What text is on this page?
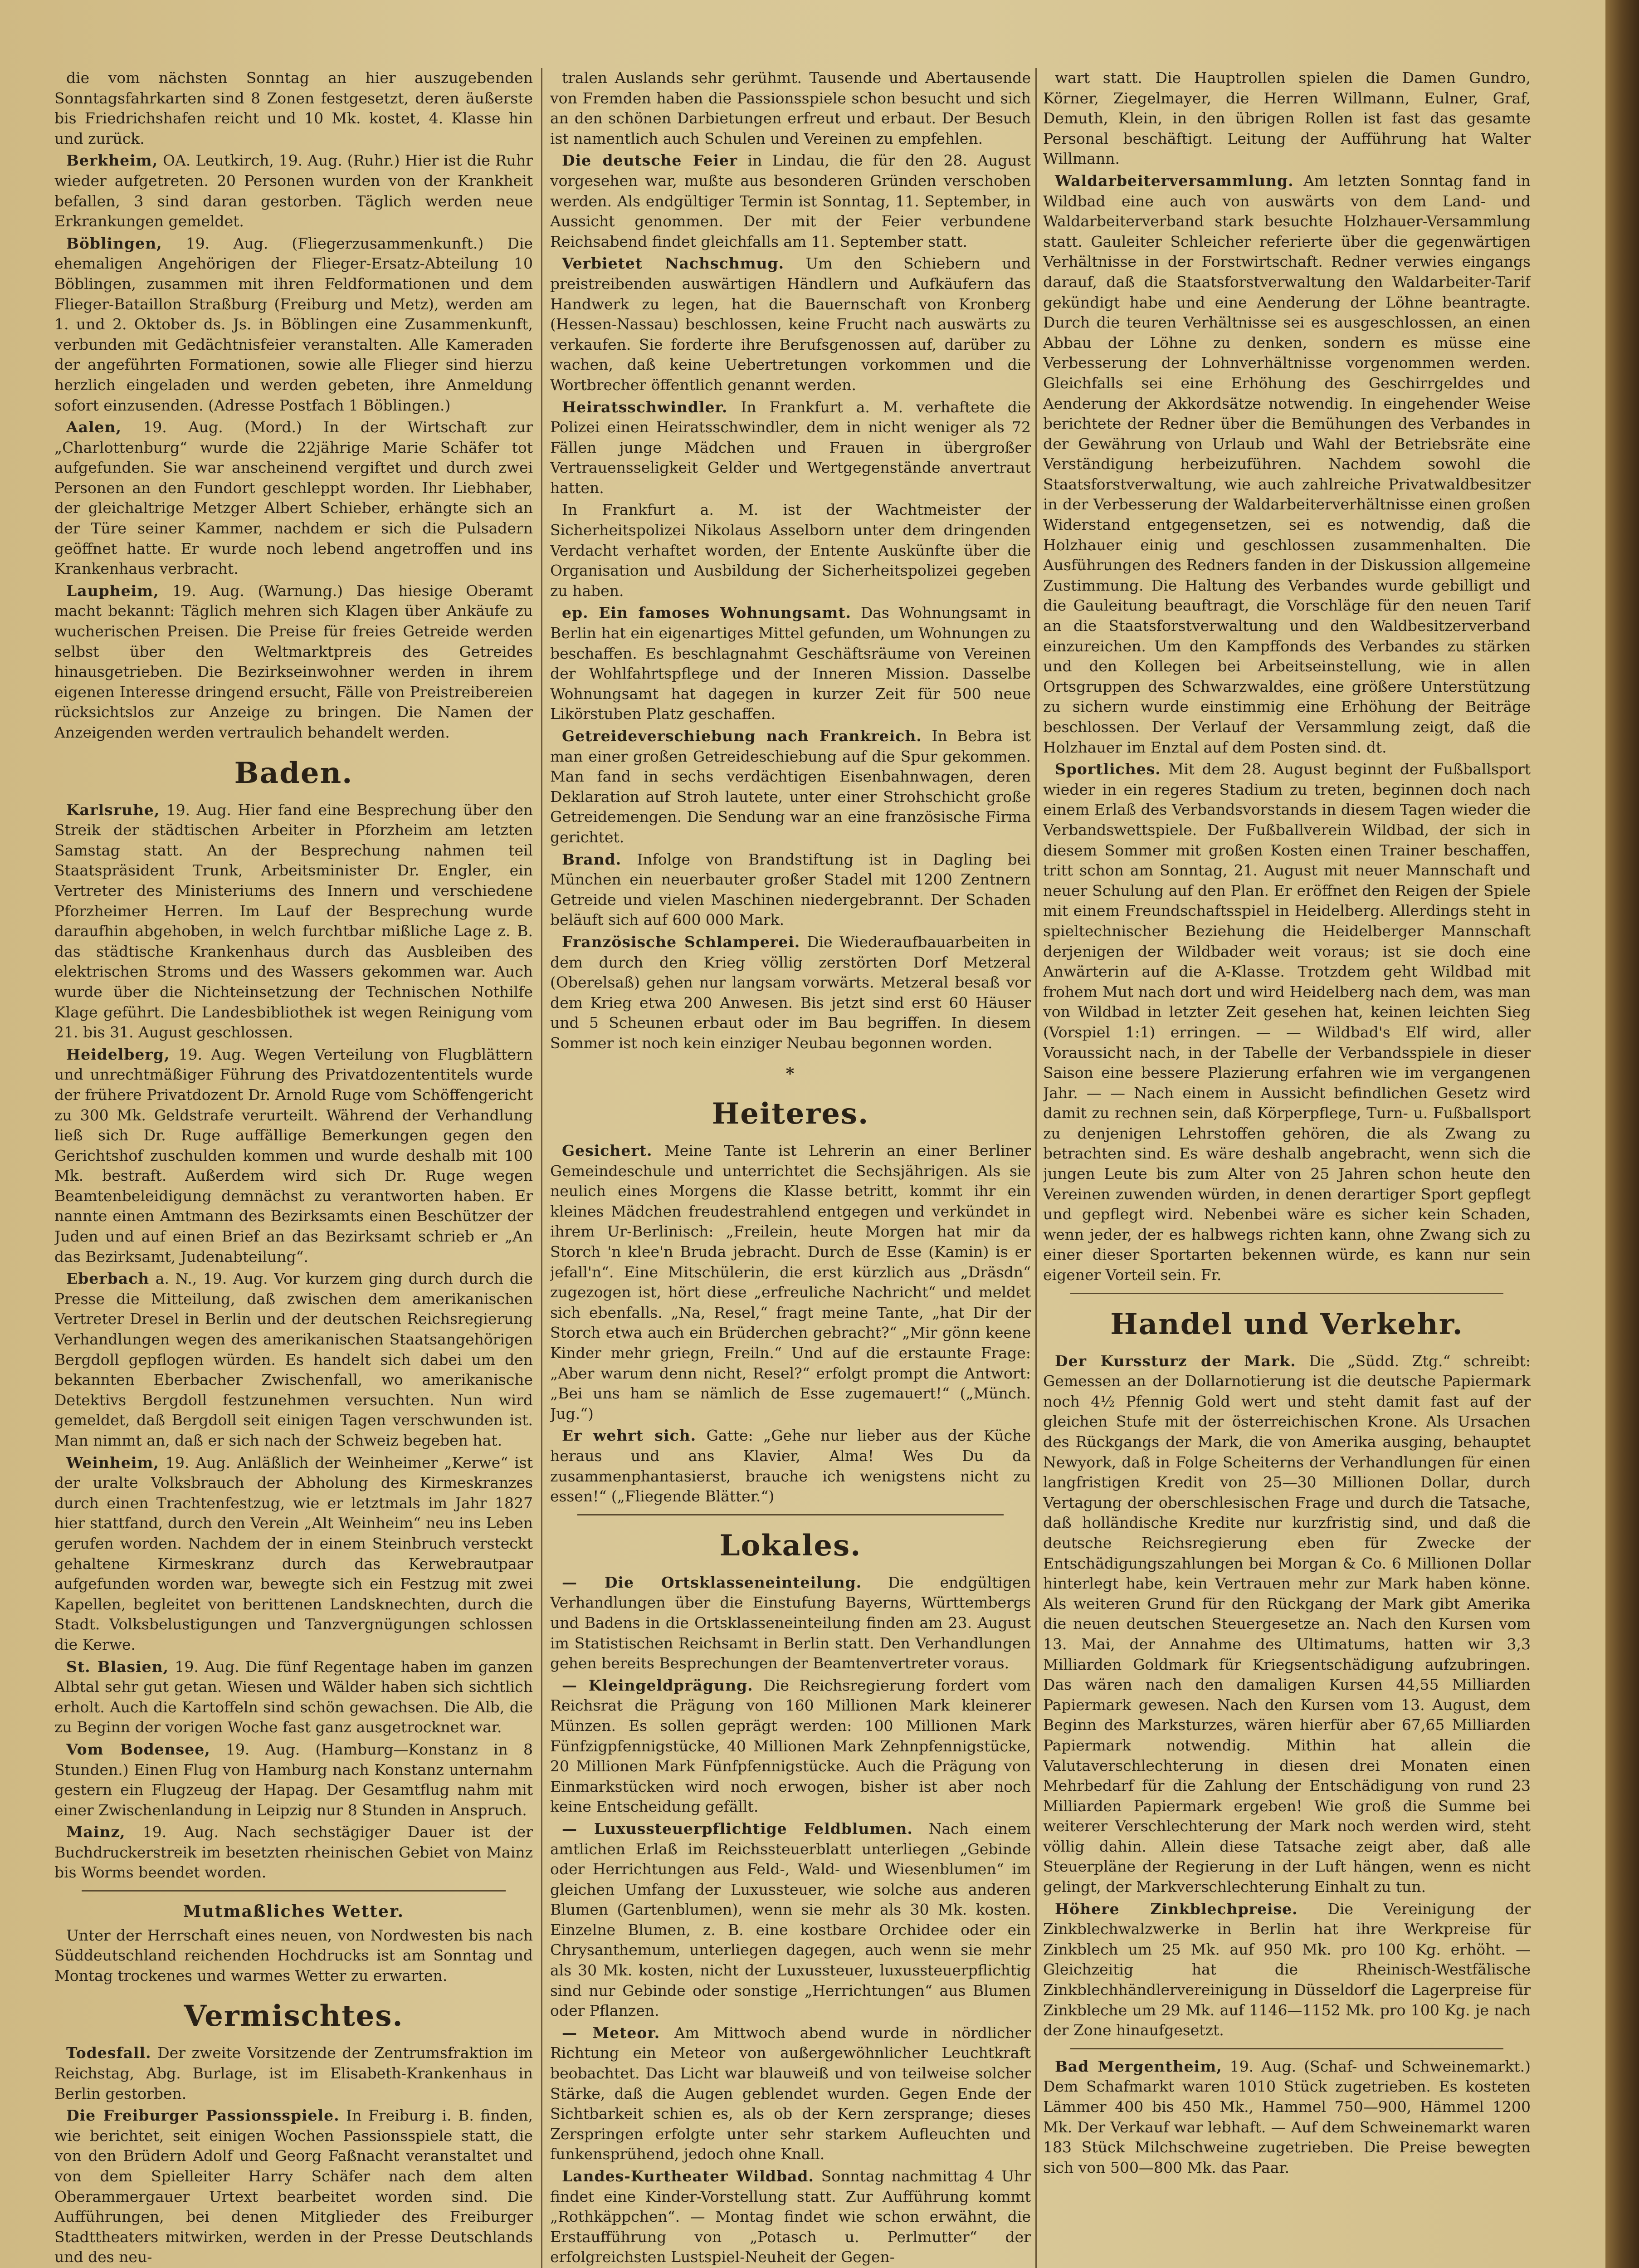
die vom nächsten Sonntag an hier auszugebenden Sonntagsfahrkarten sind 8 Zonen festgesetzt, deren äußerste bis Friedrichshafen reicht und 10 Mk. kostet, 4. Klasse hin und zurück.

Berkheim, OA. Leutkirch, 19. Aug. (Ruhr.) Hier ist die Ruhr wieder aufgetreten. 20 Personen wurden von der Krankheit befallen, 3 sind daran gestorben. Täglich werden neue Erkrankungen gemeldet.

Böblingen, 19. Aug. (Fliegerzusammenkunft.) Die ehemaligen Angehörigen der Flieger-Ersatz-Abteilung 10 Böblingen, zusammen mit ihren Feldformationen und dem Flieger-Bataillon Straßburg (Freiburg und Metz), werden am 1. und 2. Oktober ds. Js. in Böblingen eine Zusammenkunft, verbunden mit Gedächtnisfeier veranstalten. Alle Kameraden der angeführten Formationen, sowie alle Flieger sind hierzu herzlich eingeladen und werden gebeten, ihre Anmeldung sofort einzusenden. (Adresse Postfach 1 Böblingen.)

Aalen, 19. Aug. (Mord.) In der Wirtschaft zur „Charlottenburg“ wurde die 22jährige Marie Schäfer tot aufgefunden. Sie war anscheinend vergiftet und durch zwei Personen an den Fundort geschleppt worden. Ihr Liebhaber, der gleichaltrige Metzger Albert Schieber, erhängte sich an der Türe seiner Kammer, nachdem er sich die Pulsadern geöffnet hatte. Er wurde noch lebend angetroffen und ins Krankenhaus verbracht.

Laupheim, 19. Aug. (Warnung.) Das hiesige Oberamt macht bekannt: Täglich mehren sich Klagen über Ankäufe zu wucherischen Preisen. Die Preise für freies Getreide werden selbst über den Weltmarktpreis des Getreides hinausgetrieben. Die Bezirkseinwohner werden in ihrem eigenen Interesse dringend ersucht, Fälle von Preistreibereien rücksichtslos zur Anzeige zu bringen. Die Namen der Anzeigenden werden vertraulich behandelt werden.

Baden.

Karlsruhe, 19. Aug. Hier fand eine Besprechung über den Streik der städtischen Arbeiter in Pforzheim am letzten Samstag statt. An der Besprechung nahmen teil Staatspräsident Trunk, Arbeitsminister Dr. Engler, ein Vertreter des Ministeriums des Innern und verschiedene Pforzheimer Herren. Im Lauf der Besprechung wurde daraufhin abgehoben, in welch furchtbar mißliche Lage z. B. das städtische Krankenhaus durch das Ausbleiben des elektrischen Stroms und des Wassers gekommen war. Auch wurde über die Nichteinsetzung der Technischen Nothilfe Klage geführt. Die Landesbibliothek ist wegen Reinigung vom 21. bis 31. August geschlossen.

Heidelberg, 19. Aug. Wegen Verteilung von Flugblättern und unrechtmäßiger Führung des Privatdozententitels wurde der frühere Privatdozent Dr. Arnold Ruge vom Schöffengericht zu 300 Mk. Geldstrafe verurteilt. Während der Verhandlung ließ sich Dr. Ruge auffällige Bemerkungen gegen den Gerichtshof zuschulden kommen und wurde deshalb mit 100 Mk. bestraft. Außerdem wird sich Dr. Ruge wegen Beamtenbeleidigung demnächst zu verantworten haben. Er nannte einen Amtmann des Bezirksamts einen Beschützer der Juden und auf einen Brief an das Bezirksamt schrieb er „An das Bezirksamt, Judenabteilung“.

Eberbach a. N., 19. Aug. Vor kurzem ging durch durch die Presse die Mitteilung, daß zwischen dem amerikanischen Vertreter Dresel in Berlin und der deutschen Reichsregierung Verhandlungen wegen des amerikanischen Staatsangehörigen Bergdoll gepflogen würden. Es handelt sich dabei um den bekannten Eberbacher Zwischenfall, wo amerikanische Detektivs Bergdoll festzunehmen versuchten. Nun wird gemeldet, daß Bergdoll seit einigen Tagen verschwunden ist. Man nimmt an, daß er sich nach der Schweiz begeben hat.

Weinheim, 19. Aug. Anläßlich der Weinheimer „Kerwe“ ist der uralte Volksbrauch der Abholung des Kirmeskranzes durch einen Trachtenfestzug, wie er letztmals im Jahr 1827 hier stattfand, durch den Verein „Alt Weinheim“ neu ins Leben gerufen worden. Nachdem der in einem Steinbruch versteckt gehaltene Kirmeskranz durch das Kerwebrautpaar aufgefunden worden war, bewegte sich ein Festzug mit zwei Kapellen, begleitet von berittenen Landsknechten, durch die Stadt. Volksbelustigungen und Tanzvergnügungen schlossen die Kerwe.

St. Blasien, 19. Aug. Die fünf Regentage haben im ganzen Albtal sehr gut getan. Wiesen und Wälder haben sich sichtlich erholt. Auch die Kartoffeln sind schön gewachsen. Die Alb, die zu Beginn der vorigen Woche fast ganz ausgetrocknet war.

Vom Bodensee, 19. Aug. (Hamburg—Konstanz in 8 Stunden.) Einen Flug von Hamburg nach Konstanz unternahm gestern ein Flugzeug der Hapag. Der Gesamtflug nahm mit einer Zwischenlandung in Leipzig nur 8 Stunden in Anspruch.

Mainz, 19. Aug. Nach sechstägiger Dauer ist der Buchdruckerstreik im besetzten rheinischen Gebiet von Mainz bis Worms beendet worden.

Mutmaßliches Wetter.

Unter der Herrschaft eines neuen, von Nordwesten bis nach Süddeutschland reichenden Hochdrucks ist am Sonntag und Montag trockenes und warmes Wetter zu erwarten.

Vermischtes.

Todesfall. Der zweite Vorsitzende der Zentrumsfraktion im Reichstag, Abg. Burlage, ist im Elisabeth-Krankenhaus in Berlin gestorben.

Die Freiburger Passionsspiele. In Freiburg i. B. finden, wie berichtet, seit einigen Wochen Passionsspiele statt, die von den Brüdern Adolf und Georg Faßnacht veranstaltet und von dem Spielleiter Harry Schäfer nach dem alten Oberammergauer Urtext bearbeitet worden sind. Die Aufführungen, bei denen Mitglieder des Freiburger Stadttheaters mitwirken, werden in der Presse Deutschlands und des neu-

tralen Auslands sehr gerühmt. Tausende und Abertausende von Fremden haben die Passionsspiele schon besucht und sich an den schönen Darbietungen erfreut und erbaut. Der Besuch ist namentlich auch Schulen und Vereinen zu empfehlen.

Die deutsche Feier in Lindau, die für den 28. August vorgesehen war, mußte aus besonderen Gründen verschoben werden. Als endgültiger Termin ist Sonntag, 11. September, in Aussicht genommen. Der mit der Feier verbundene Reichsabend findet gleichfalls am 11. September statt.

Verbietet Nachschmug. Um den Schiebern und preistreibenden auswärtigen Händlern und Aufkäufern das Handwerk zu legen, hat die Bauernschaft von Kronberg (Hessen-Nassau) beschlossen, keine Frucht nach auswärts zu verkaufen. Sie forderte ihre Berufsgenossen auf, darüber zu wachen, daß keine Uebertretungen vorkommen und die Wortbrecher öffentlich genannt werden.

Heiratsschwindler. In Frankfurt a. M. verhaftete die Polizei einen Heiratsschwindler, dem in nicht weniger als 72 Fällen junge Mädchen und Frauen in übergroßer Vertrauensseligkeit Gelder und Wertgegenstände anvertraut hatten.

In Frankfurt a. M. ist der Wachtmeister der Sicherheitspolizei Nikolaus Asselborn unter dem dringenden Verdacht verhaftet worden, der Entente Auskünfte über die Organisation und Ausbildung der Sicherheitspolizei gegeben zu haben.

ep. Ein famoses Wohnungsamt. Das Wohnungsamt in Berlin hat ein eigenartiges Mittel gefunden, um Wohnungen zu beschaffen. Es beschlagnahmt Geschäftsräume von Vereinen der Wohlfahrtspflege und der Inneren Mission. Dasselbe Wohnungsamt hat dagegen in kurzer Zeit für 500 neue Likörstuben Platz geschaffen.

Getreideverschiebung nach Frankreich. In Bebra ist man einer großen Getreideschiebung auf die Spur gekommen. Man fand in sechs verdächtigen Eisenbahnwagen, deren Deklaration auf Stroh lautete, unter einer Strohschicht große Getreidemengen. Die Sendung war an eine französische Firma gerichtet.

Brand. Infolge von Brandstiftung ist in Dagling bei München ein neuerbauter großer Stadel mit 1200 Zentnern Getreide und vielen Maschinen niedergebrannt. Der Schaden beläuft sich auf 600 000 Mark.

Französische Schlamperei. Die Wiederaufbauarbeiten in dem durch den Krieg völlig zerstörten Dorf Metzeral (Oberelsaß) gehen nur langsam vorwärts. Metzeral besaß vor dem Krieg etwa 200 Anwesen. Bis jetzt sind erst 60 Häuser und 5 Scheunen erbaut oder im Bau begriffen. In diesem Sommer ist noch kein einziger Neubau begonnen worden.

*
Heiteres.

Gesichert. Meine Tante ist Lehrerin an einer Berliner Gemeindeschule und unterrichtet die Sechsjährigen. Als sie neulich eines Morgens die Klasse betritt, kommt ihr ein kleines Mädchen freudestrahlend entgegen und verkündet in ihrem Ur-Berlinisch: „Freilein, heute Morgen hat mir da Storch 'n klee'n Bruda jebracht. Durch de Esse (Kamin) is er jefall'n“. Eine Mitschülerin, die erst kürzlich aus „Dräsdn“ zugezogen ist, hört diese „erfreuliche Nachricht“ und meldet sich ebenfalls. „Na, Resel,“ fragt meine Tante, „hat Dir der Storch etwa auch ein Brüderchen gebracht?“ „Mir gönn keene Kinder mehr griegn, Freiln.“ Und auf die erstaunte Frage: „Aber warum denn nicht, Resel?“ erfolgt prompt die Antwort: „Bei uns ham se nämlich de Esse zugemauert!“ („Münch. Jug.“)

Er wehrt sich. Gatte: „Gehe nur lieber aus der Küche heraus und ans Klavier, Alma! Wes Du da zusammenphantasierst, brauche ich wenigstens nicht zu essen!“ („Fliegende Blätter.“)

Lokales.

— Die Ortsklasseneinteilung. Die endgültigen Verhandlungen über die Einstufung Bayerns, Württembergs und Badens in die Ortsklasseneinteilung finden am 23. August im Statistischen Reichsamt in Berlin statt. Den Verhandlungen gehen bereits Besprechungen der Beamtenvertreter voraus.

— Kleingeldprägung. Die Reichsregierung fordert vom Reichsrat die Prägung von 160 Millionen Mark kleinerer Münzen. Es sollen geprägt werden: 100 Millionen Mark Fünfzigpfennigstücke, 40 Millionen Mark Zehnpfennigstücke, 20 Millionen Mark Fünfpfennigstücke. Auch die Prägung von Einmarkstücken wird noch erwogen, bisher ist aber noch keine Entscheidung gefällt.

— Luxussteuerpflichtige Feldblumen. Nach einem amtlichen Erlaß im Reichssteuerblatt unterliegen „Gebinde oder Herrichtungen aus Feld-, Wald- und Wiesenblumen“ im gleichen Umfang der Luxussteuer, wie solche aus anderen Blumen (Gartenblumen), wenn sie mehr als 30 Mk. kosten. Einzelne Blumen, z. B. eine kostbare Orchidee oder ein Chrysanthemum, unterliegen dagegen, auch wenn sie mehr als 30 Mk. kosten, nicht der Luxussteuer, luxussteuerpflichtig sind nur Gebinde oder sonstige „Herrichtungen“ aus Blumen oder Pflanzen.

— Meteor. Am Mittwoch abend wurde in nördlicher Richtung ein Meteor von außergewöhnlicher Leuchtkraft beobachtet. Das Licht war blauweiß und von teilweise solcher Stärke, daß die Augen geblendet wurden. Gegen Ende der Sichtbarkeit schien es, als ob der Kern zersprange; dieses Zerspringen erfolgte unter sehr starkem Aufleuchten und funkensprühend, jedoch ohne Knall.

Landes-Kurtheater Wildbad. Sonntag nachmittag 4 Uhr findet eine Kinder-Vorstellung statt. Zur Aufführung kommt „Rothkäppchen“. — Montag findet wie schon erwähnt, die Erstaufführung von „Potasch u. Perlmutter“ der erfolgreichsten Lustspiel-Neuheit der Gegen-

wart statt. Die Hauptrollen spielen die Damen Gundro, Körner, Ziegelmayer, die Herren Willmann, Eulner, Graf, Demuth, Klein, in den übrigen Rollen ist fast das gesamte Personal beschäftigt. Leitung der Aufführung hat Walter Willmann.

Waldarbeiterversammlung. Am letzten Sonntag fand in Wildbad eine auch von auswärts von dem Land- und Waldarbeiterverband stark besuchte Holzhauer-Versammlung statt. Gauleiter Schleicher referierte über die gegenwärtigen Verhältnisse in der Forstwirtschaft. Redner verwies eingangs darauf, daß die Staatsforstverwaltung den Waldarbeiter-Tarif gekündigt habe und eine Aenderung der Löhne beantragte. Durch die teuren Verhältnisse sei es ausgeschlossen, an einen Abbau der Löhne zu denken, sondern es müsse eine Verbesserung der Lohnverhältnisse vorgenommen werden. Gleichfalls sei eine Erhöhung des Geschirrgeldes und Aenderung der Akkordsätze notwendig. In eingehender Weise berichtete der Redner über die Bemühungen des Verbandes in der Gewährung von Urlaub und Wahl der Betriebsräte eine Verständigung herbeizuführen. Nachdem sowohl die Staatsforstverwaltung, wie auch zahlreiche Privatwaldbesitzer in der Verbesserung der Waldarbeiterverhältnisse einen großen Widerstand entgegensetzen, sei es notwendig, daß die Holzhauer einig und geschlossen zusammenhalten. Die Ausführungen des Redners fanden in der Diskussion allgemeine Zustimmung. Die Haltung des Verbandes wurde gebilligt und die Gauleitung beauftragt, die Vorschläge für den neuen Tarif an die Staatsforstverwaltung und den Waldbesitzerverband einzureichen. Um den Kampffonds des Verbandes zu stärken und den Kollegen bei Arbeitseinstellung, wie in allen Ortsgruppen des Schwarzwaldes, eine größere Unterstützung zu sichern wurde einstimmig eine Erhöhung der Beiträge beschlossen. Der Verlauf der Versammlung zeigt, daß die Holzhauer im Enztal auf dem Posten sind. dt.

Sportliches. Mit dem 28. August beginnt der Fußballsport wieder in ein regeres Stadium zu treten, beginnen doch nach einem Erlaß des Verbandsvorstands in diesem Tagen wieder die Verbandswettspiele. Der Fußballverein Wildbad, der sich in diesem Sommer mit großen Kosten einen Trainer beschaffen, tritt schon am Sonntag, 21. August mit neuer Mannschaft und neuer Schulung auf den Plan. Er eröffnet den Reigen der Spiele mit einem Freundschaftsspiel in Heidelberg. Allerdings steht in spieltechnischer Beziehung die Heidelberger Mannschaft derjenigen der Wildbader weit voraus; ist sie doch eine Anwärterin auf die A-Klasse. Trotzdem geht Wildbad mit frohem Mut nach dort und wird Heidelberg nach dem, was man von Wildbad in letzter Zeit gesehen hat, keinen leichten Sieg (Vorspiel 1:1) erringen. — — Wildbad's Elf wird, aller Voraussicht nach, in der Tabelle der Verbandsspiele in dieser Saison eine bessere Plazierung erfahren wie im vergangenen Jahr. — — Nach einem in Aussicht befindlichen Gesetz wird damit zu rechnen sein, daß Körperpflege, Turn- u. Fußballsport zu denjenigen Lehrstoffen gehören, die als Zwang zu betrachten sind. Es wäre deshalb angebracht, wenn sich die jungen Leute bis zum Alter von 25 Jahren schon heute den Vereinen zuwenden würden, in denen derartiger Sport gepflegt und gepflegt wird. Nebenbei wäre es sicher kein Schaden, wenn jeder, der es halbwegs richten kann, ohne Zwang sich zu einer dieser Sportarten bekennen würde, es kann nur sein eigener Vorteil sein. Fr.

Handel und Verkehr.

Der Kurssturz der Mark. Die „Südd. Ztg.“ schreibt: Gemessen an der Dollarnotierung ist die deutsche Papiermark noch 4½ Pfennig Gold wert und steht damit fast auf der gleichen Stufe mit der österreichischen Krone. Als Ursachen des Rückgangs der Mark, die von Amerika ausging, behauptet Newyork, daß in Folge Scheiterns der Verhandlungen für einen langfristigen Kredit von 25—30 Millionen Dollar, durch Vertagung der oberschlesischen Frage und durch die Tatsache, daß holländische Kredite nur kurzfristig sind, und daß die deutsche Reichsregierung eben für Zwecke der Entschädigungszahlungen bei Morgan & Co. 6 Millionen Dollar hinterlegt habe, kein Vertrauen mehr zur Mark haben könne. Als weiteren Grund für den Rückgang der Mark gibt Amerika die neuen deutschen Steuergesetze an. Nach den Kursen vom 13. Mai, der Annahme des Ultimatums, hatten wir 3,3 Milliarden Goldmark für Kriegsentschädigung aufzubringen. Das wären nach den damaligen Kursen 44,55 Milliarden Papiermark gewesen. Nach den Kursen vom 13. August, dem Beginn des Marksturzes, wären hierfür aber 67,65 Milliarden Papiermark notwendig. Mithin hat allein die Valutaverschlechterung in diesen drei Monaten einen Mehrbedarf für die Zahlung der Entschädigung von rund 23 Milliarden Papiermark ergeben! Wie groß die Summe bei weiterer Verschlechterung der Mark noch werden wird, steht völlig dahin. Allein diese Tatsache zeigt aber, daß alle Steuerpläne der Regierung in der Luft hängen, wenn es nicht gelingt, der Markverschlechterung Einhalt zu tun.

Höhere Zinkblechpreise. Die Vereinigung der Zinkblechwalzwerke in Berlin hat ihre Werkpreise für Zinkblech um 25 Mk. auf 950 Mk. pro 100 Kg. erhöht. — Gleichzeitig hat die Rheinisch-Westfälische Zinkblechhändlervereinigung in Düsseldorf die Lagerpreise für Zinkbleche um 29 Mk. auf 1146—1152 Mk. pro 100 Kg. je nach der Zone hinaufgesetzt.

Bad Mergentheim, 19. Aug. (Schaf- und Schweinemarkt.) Dem Schafmarkt waren 1010 Stück zugetrieben. Es kosteten Lämmer 400 bis 450 Mk., Hammel 750—900, Hämmel 1200 Mk. Der Verkauf war lebhaft. — Auf dem Schweinemarkt waren 183 Stück Milchschweine zugetrieben. Die Preise bewegten sich von 500—800 Mk. das Paar.
